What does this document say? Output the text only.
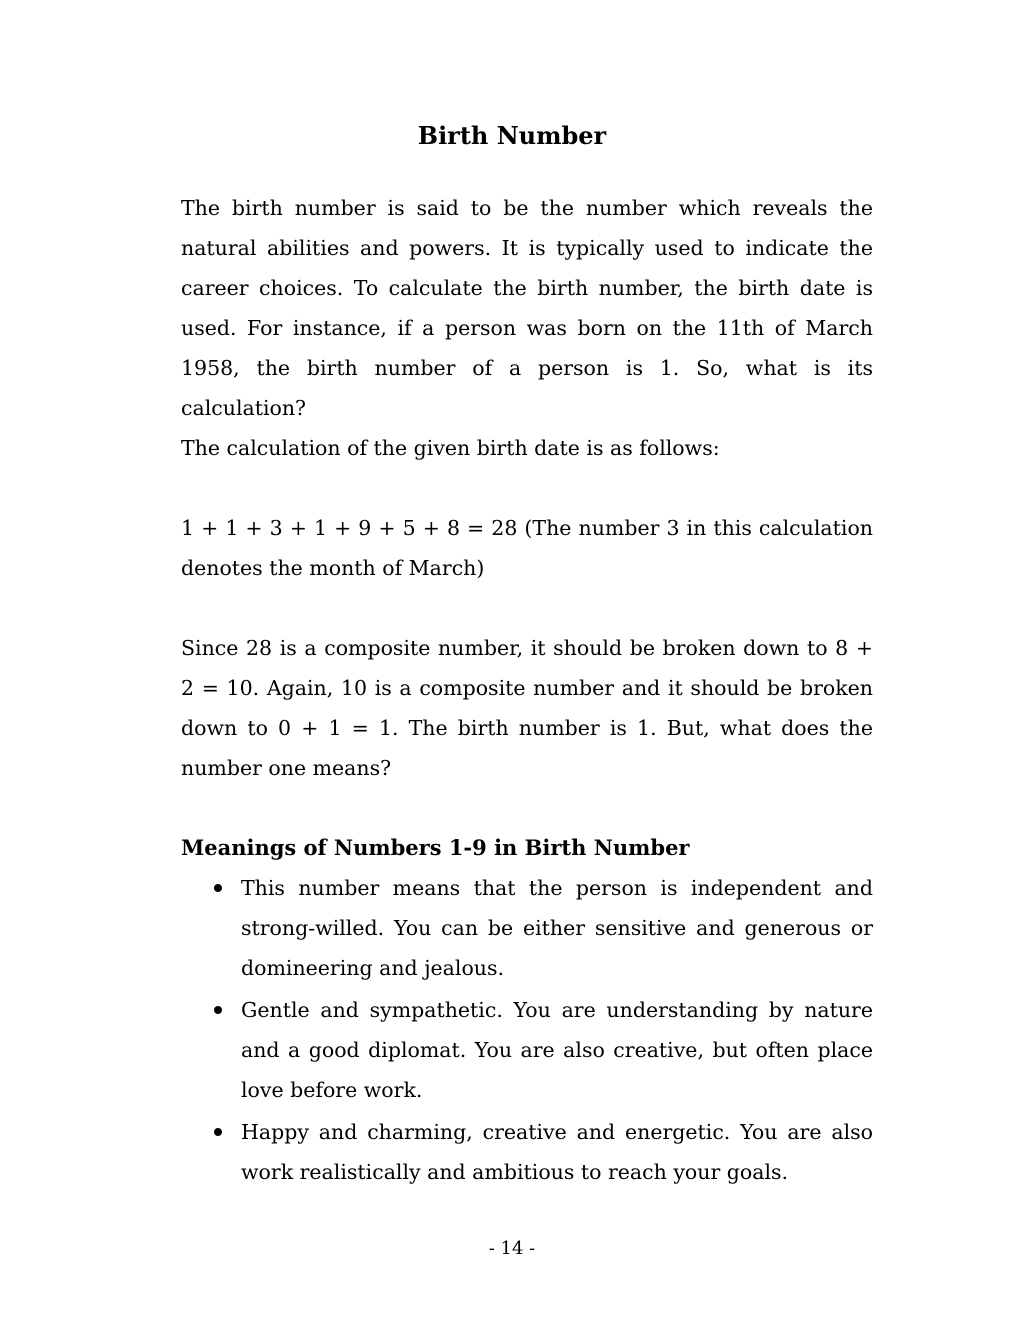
Birth Number

The birth number is said to be the number which reveals the natural abilities and powers. It is typically used to indicate the career choices. To calculate the birth number, the birth date is used. For instance, if a person was born on the 11th of March 1958, the birth number of a person is 1. So, what is its calculation?

The calculation of the given birth date is as follows:

1 + 1 + 3 + 1 + 9 + 5 + 8 = 28 (The number 3 in this calculation denotes the month of March)

Since 28 is a composite number, it should be broken down to 8 + 2 = 10. Again, 10 is a composite number and it should be broken down to 0 + 1 = 1. The birth number is 1. But, what does the number one means?

Meanings of Numbers 1-9 in Birth Number
This number means that the person is independent and strong-willed. You can be either sensitive and generous or domineering and jealous.
Gentle and sympathetic. You are understanding by nature and a good diplomat. You are also creative, but often place love before work.
Happy and charming, creative and energetic. You are also work realistically and ambitious to reach your goals.
- 14 -
